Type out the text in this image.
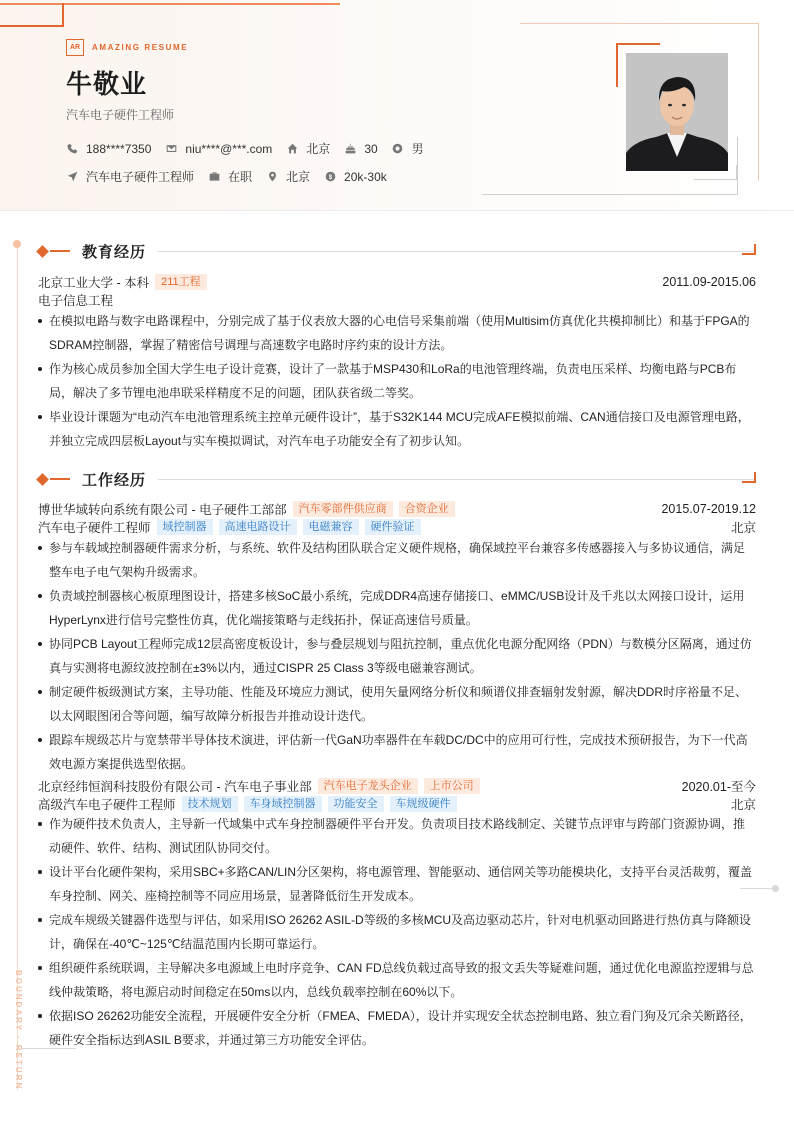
AR	AMAZING RESUME
牛敬业
汽车电子硬件工程师
188****7350	niu****@***.com	北京	30	男
汽车电子硬件工程师	在职	北京 $ 20k-30k
BOUNDARY · RETURN
教育经历
北京工业大学 - 本科	211工程	2011.09-2015.06
电子信息工程
在模拟电路与数字电路课程中，分别完成了基于仪表放大器的心电信号采集前端（使用Multisim仿真优化共模抑制比）和基于FPGA的SDRAM控制器，掌握了精密信号调理与高速数字电路时序约束的设计方法。
作为核心成员参加全国大学生电子设计竞赛，设计了一款基于MSP430和LoRa的电池管理终端，负责电压采样、均衡电路与PCB布局，解决了多节锂电池串联采样精度不足的问题，团队获省级二等奖。
毕业设计课题为“电动汽车电池管理系统主控单元硬件设计”，基于S32K144 MCU完成AFE模拟前端、CAN通信接口及电源管理电路，并独立完成四层板Layout与实车模拟调试，对汽车电子功能安全有了初步认知。
工作经历
博世华域转向系统有限公司 - 电子硬件工部部	汽车零部件供应商	合资企业	2015.07-2019.12
汽车电子硬件工程师	域控制器	高速电路设计	电磁兼容	硬件验证	北京
参与车载域控制器硬件需求分析，与系统、软件及结构团队联合定义硬件规格，确保域控平台兼容多传感器接入与多协议通信，满足整车电子电气架构升级需求。
负责域控制器核心板原理图设计，搭建多核SoC最小系统，完成DDR4高速存储接口、eMMC/USB设计及千兆以太网接口设计，运用HyperLynx进行信号完整性仿真，优化端接策略与走线拓扑，保证高速信号质量。
协同PCB Layout工程师完成12层高密度板设计，参与叠层规划与阻抗控制，重点优化电源分配网络（PDN）与数模分区隔离，通过仿真与实测将电源纹波控制在±3%以内，通过CISPR 25 Class 3等级电磁兼容测试。
制定硬件板级测试方案，主导功能、性能及环境应力测试，使用矢量网络分析仪和频谱仪排查辐射发射源，解决DDR时序裕量不足、以太网眼图闭合等问题，编写故障分析报告并推动设计迭代。
跟踪车规级芯片与宽禁带半导体技术演进，评估新一代GaN功率器件在车载DC/DC中的应用可行性，完成技术预研报告，为下一代高效电源方案提供选型依据。
北京经纬恒润科技股份有限公司 - 汽车电子事业部	汽车电子龙头企业	上市公司	2020.01-至今
高级汽车电子硬件工程师	技术规划	车身域控制器	功能安全	车规级硬件	北京
作为硬件技术负责人，主导新一代域集中式车身控制器硬件平台开发。负责项目技术路线制定、关键节点评审与跨部门资源协调，推动硬件、软件、结构、测试团队协同交付。
设计平台化硬件架构，采用SBC+多路CAN/LIN分区架构，将电源管理、智能驱动、通信网关等功能模块化，支持平台灵活裁剪，覆盖车身控制、网关、座椅控制等不同应用场景，显著降低衍生开发成本。
完成车规级关键器件选型与评估，如采用ISO 26262 ASIL-D等级的多核MCU及高边驱动芯片，针对电机驱动回路进行热仿真与降额设计，确保在-40℃~125℃结温范围内长期可靠运行。
组织硬件系统联调，主导解决多电源域上电时序竞争、CAN FD总线负载过高导致的报文丢失等疑难问题，通过优化电源监控逻辑与总线仲裁策略，将电源启动时间稳定在50ms以内，总线负载率控制在60%以下。
依据ISO 26262功能安全流程，开展硬件安全分析（FMEA、FMEDA），设计并实现安全状态控制电路、独立看门狗及冗余关断路径，硬件安全指标达到ASIL B要求，并通过第三方功能安全评估。
